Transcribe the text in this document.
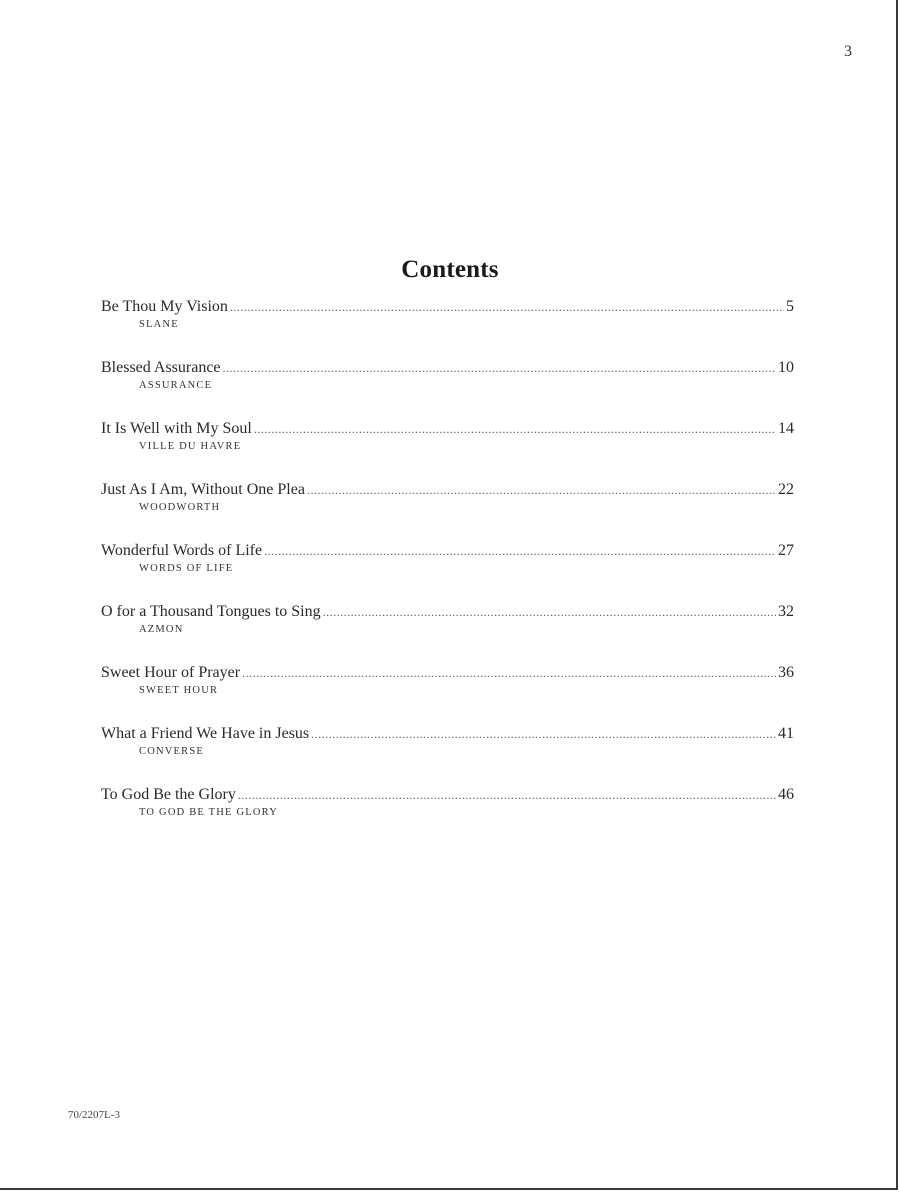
3
Contents
Be Thou My Vision .....	5
SLANE
Blessed Assurance .....	10
ASSURANCE
It Is Well with My Soul .....	14
VILLE DU HAVRE
Just As I Am, Without One Plea .....	22
WOODWORTH
Wonderful Words of Life .....	27
WORDS OF LIFE
O for a Thousand Tongues to Sing .....	32
AZMON
Sweet Hour of Prayer .....	36
SWEET HOUR
What a Friend We Have in Jesus .....	41
CONVERSE
To God Be the Glory .....	46
TO GOD BE THE GLORY
70/2207L-3
